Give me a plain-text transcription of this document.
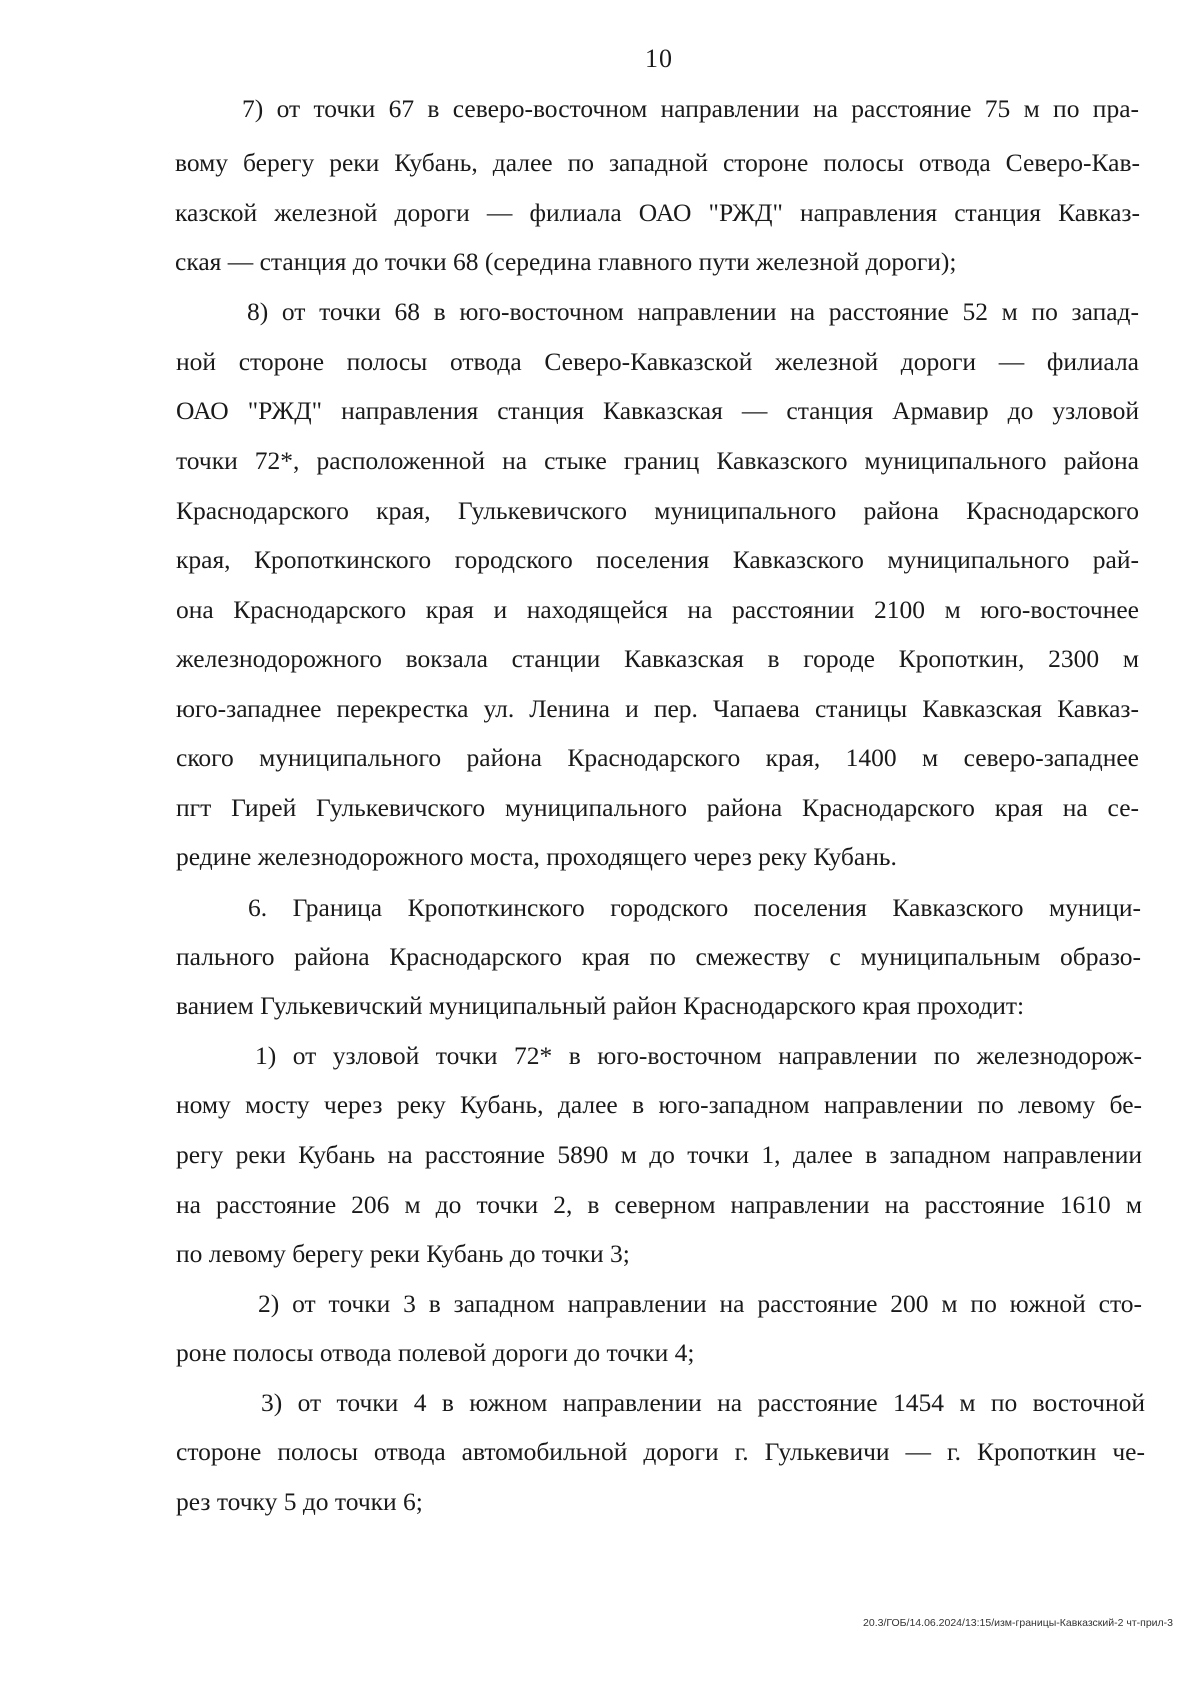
10
7) от точки 67 в северо-восточном направлении на расстояние 75 м по пра-
вому берегу реки Кубань, далее по западной стороне полосы отвода Северо-Кав-
казской железной дороги — филиала ОАО "РЖД" направления станция Кавказ-
ская — станция до точки 68 (середина главного пути железной дороги);
8) от точки 68 в юго-восточном направлении на расстояние 52 м по запад-
ной стороне полосы отвода Северо-Кавказской железной дороги — филиала
ОАО "РЖД" направления станция Кавказская — станция Армавир до узловой
точки 72*, расположенной на стыке границ Кавказского муниципального района
Краснодарского края, Гулькевичского муниципального района Краснодарского
края, Кропоткинского городского поселения Кавказского муниципального рай-
она Краснодарского края и находящейся на расстоянии 2100 м юго-восточнее
железнодорожного вокзала станции Кавказская в городе Кропоткин, 2300 м
юго-западнее перекрестка ул. Ленина и пер. Чапаева станицы Кавказская Кавказ-
ского муниципального района Краснодарского края, 1400 м северо-западнее
пгт Гирей Гулькевичского муниципального района Краснодарского края на се-
редине железнодорожного моста, проходящего через реку Кубань.
6. Граница Кропоткинского городского поселения Кавказского муници-
пального района Краснодарского края по смежеству с муниципальным образо-
ванием Гулькевичский муниципальный район Краснодарского края проходит:
1) от узловой точки 72* в юго-восточном направлении по железнодорож-
ному мосту через реку Кубань, далее в юго-западном направлении по левому бе-
регу реки Кубань на расстояние 5890 м до точки 1, далее в западном направлении
на расстояние 206 м до точки 2, в северном направлении на расстояние 1610 м
по левому берегу реки Кубань до точки 3;
2) от точки 3 в западном направлении на расстояние 200 м по южной сто-
роне полосы отвода полевой дороги до точки 4;
3) от точки 4 в южном направлении на расстояние 1454 м по восточной
стороне полосы отвода автомобильной дороги г. Гулькевичи — г. Кропоткин че-
рез точку 5 до точки 6;
20.3/ГОБ/14.06.2024/13:15/изм-границы-Кавказский-2 чт-прил-3
